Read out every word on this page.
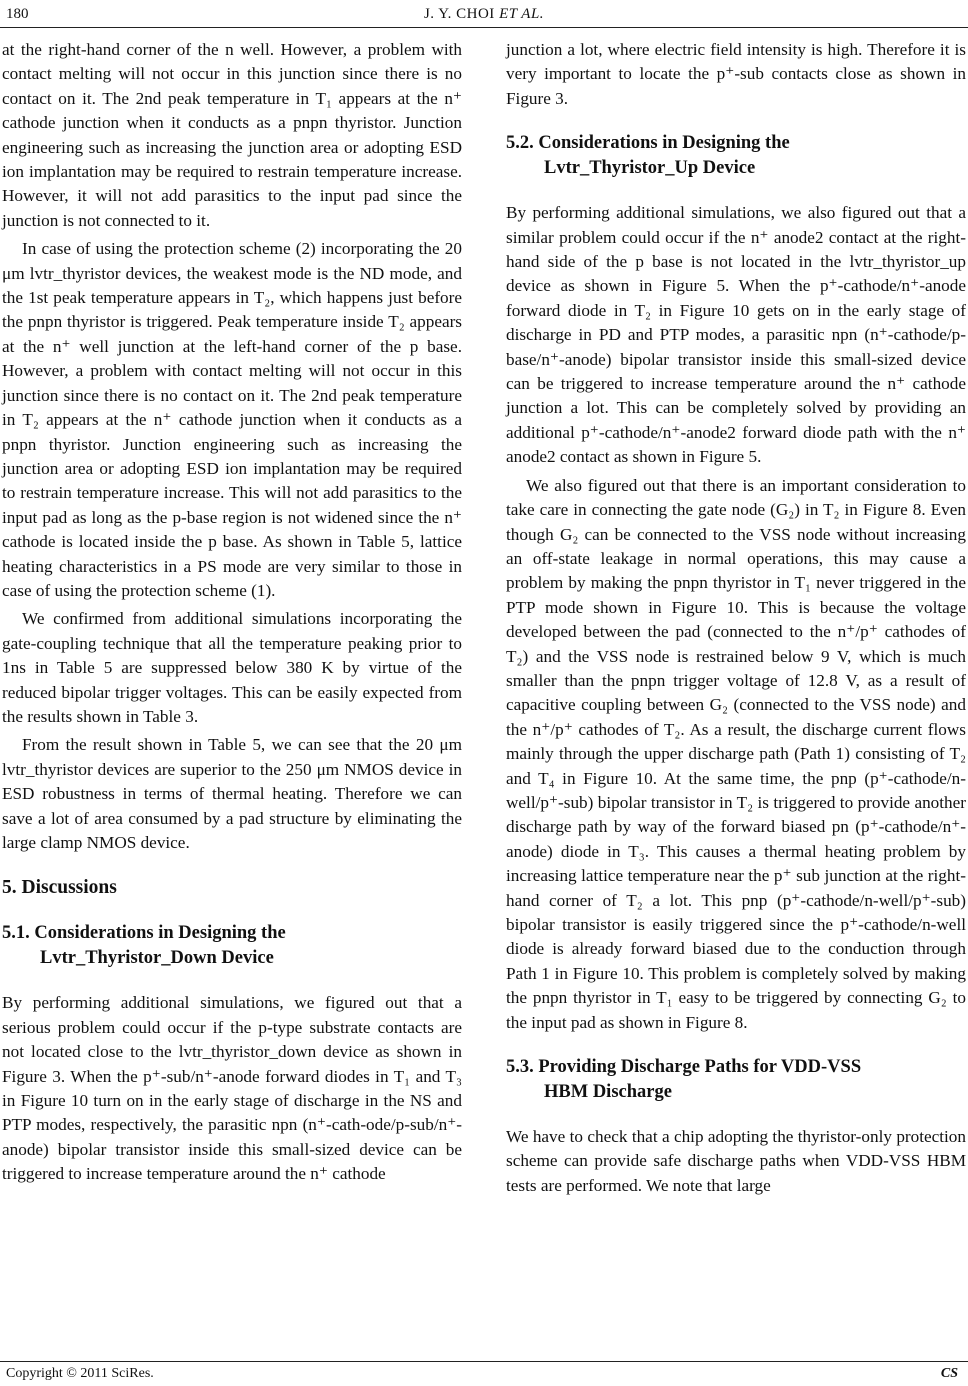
180	J. Y. CHOI ET AL.

at the right-hand corner of the n well. However, a problem with contact melting will not occur in this junction since there is no contact on it. The 2nd peak temperature in T₁ appears at the n⁺ cathode junction when it conducts as a pnpn thyristor. Junction engineering such as increasing the junction area or adopting ESD ion implantation may be required to restrain temperature increase. However, it will not add parasitics to the input pad since the junction is not connected to it.

In case of using the protection scheme (2) incorporating the 20 μm lvtr_thyristor devices, the weakest mode is the ND mode, and the 1st peak temperature appears in T₂, which happens just before the pnpn thyristor is triggered. Peak temperature inside T₂ appears at the n⁺ well junction at the left-hand corner of the p base. However, a problem with contact melting will not occur in this junction since there is no contact on it. The 2nd peak temperature in T₂ appears at the n⁺ cathode junction when it conducts as a pnpn thyristor. Junction engineering such as increasing the junction area or adopting ESD ion implantation may be required to restrain temperature increase. This will not add parasitics to the input pad as long as the p-base region is not widened since the n⁺ cathode is located inside the p base. As shown in Table 5, lattice heating characteristics in a PS mode are very similar to those in case of using the protection scheme (1).

We confirmed from additional simulations incorporating the gate-coupling technique that all the temperature peaking prior to 1ns in Table 5 are suppressed below 380 K by virtue of the reduced bipolar trigger voltages. This can be easily expected from the results shown in Table 3.

From the result shown in Table 5, we can see that the 20 μm lvtr_thyristor devices are superior to the 250 μm NMOS device in ESD robustness in terms of thermal heating. Therefore we can save a lot of area consumed by a pad structure by eliminating the large clamp NMOS device.

5. Discussions
5.1. Considerations in Designing the
Lvtr_Thyristor_Down Device

By performing additional simulations, we figured out that a serious problem could occur if the p-type substrate contacts are not located close to the lvtr_thyristor_down device as shown in Figure 3. When the p⁺-sub/n⁺-anode forward diodes in T₁ and T₃ in Figure 10 turn on in the early stage of discharge in the NS and PTP modes, respectively, the parasitic npn (n⁺-cath-ode/p-sub/n⁺-anode) bipolar transistor inside this small-sized device can be triggered to increase temperature around the n⁺ cathode

junction a lot, where electric field intensity is high. Therefore it is very important to locate the p⁺-sub contacts close as shown in Figure 3.

5.2. Considerations in Designing the
Lvtr_Thyristor_Up Device

By performing additional simulations, we also figured out that a similar problem could occur if the n⁺ anode2 contact at the right-hand side of the p base is not located in the lvtr_thyristor_up device as shown in Figure 5. When the p⁺-cathode/n⁺-anode forward diode in T₂ in Figure 10 gets on in the early stage of discharge in PD and PTP modes, a parasitic npn (n⁺-cathode/p-base/n⁺-anode) bipolar transistor inside this small-sized device can be triggered to increase temperature around the n⁺ cathode junction a lot. This can be completely solved by providing an additional p⁺-cathode/n⁺-anode2 forward diode path with the n⁺ anode2 contact as shown in Figure 5.

We also figured out that there is an important consideration to take care in connecting the gate node (G₂) in T₂ in Figure 8. Even though G₂ can be connected to the VSS node without increasing an off-state leakage in normal operations, this may cause a problem by making the pnpn thyristor in T₁ never triggered in the PTP mode shown in Figure 10. This is because the voltage developed between the pad (connected to the n⁺/p⁺ cathodes of T₂) and the VSS node is restrained below 9 V, which is much smaller than the pnpn trigger voltage of 12.8 V, as a result of capacitive coupling between G₂ (connected to the VSS node) and the n⁺/p⁺ cathodes of T₂. As a result, the discharge current flows mainly through the upper discharge path (Path 1) consisting of T₂ and T₄ in Figure 10. At the same time, the pnp (p⁺-cathode/n-well/p⁺-sub) bipolar transistor in T₂ is triggered to provide another discharge path by way of the forward biased pn (p⁺-cathode/n⁺-anode) diode in T₃. This causes a thermal heating problem by increasing lattice temperature near the p⁺ sub junction at the right-hand corner of T₂ a lot. This pnp (p⁺-cathode/n-well/p⁺-sub) bipolar transistor is easily triggered since the p⁺-cathode/n-well diode is already forward biased due to the conduction through Path 1 in Figure 10. This problem is completely solved by making the pnpn thyristor in T₁ easy to be triggered by connecting G₂ to the input pad as shown in Figure 8.

5.3. Providing Discharge Paths for VDD-VSS
HBM Discharge

We have to check that a chip adopting the thyristor-only protection scheme can provide safe discharge paths when VDD-VSS HBM tests are performed. We note that large

Copyright © 2011 SciRes.	CS
